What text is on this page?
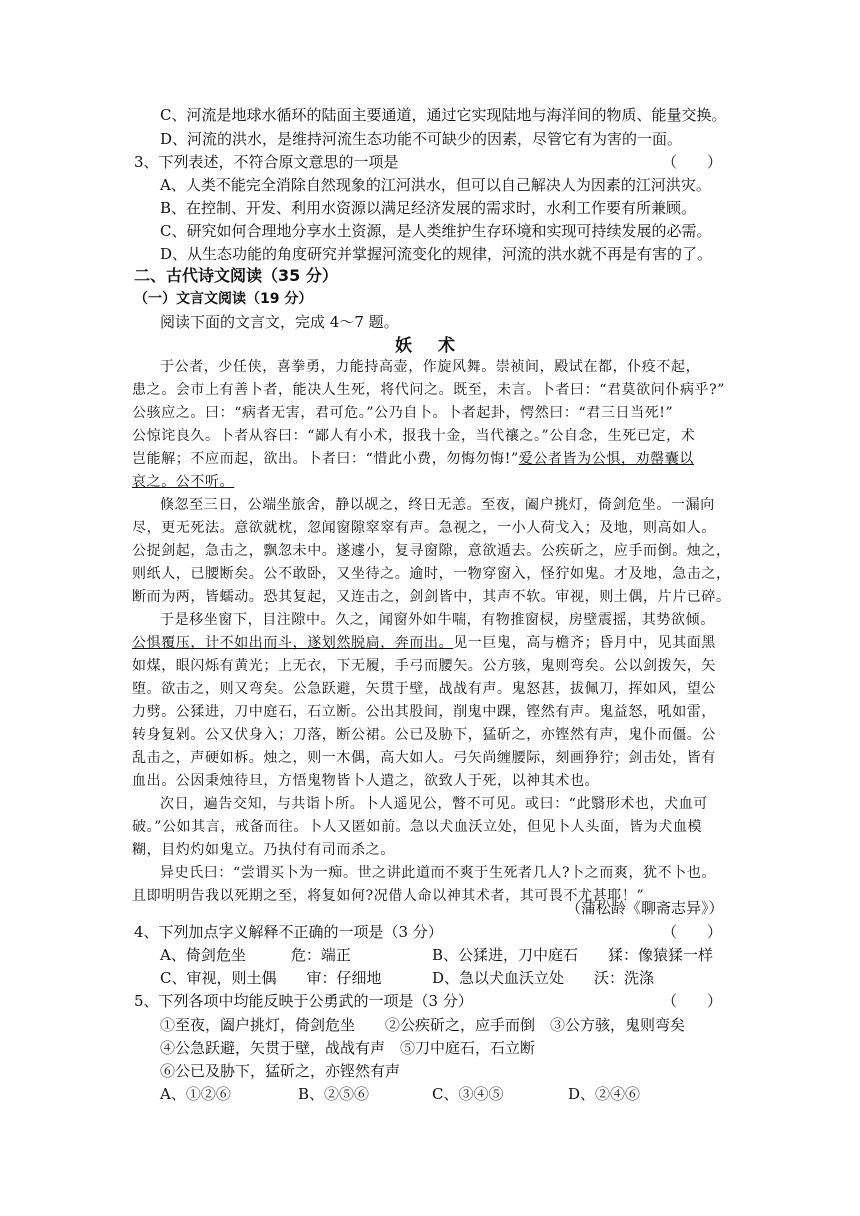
C、河流是地球水循环的陆面主要通道，通过它实现陆地与海洋间的物质、能量交换。
D、河流的洪水，是维持河流生态功能不可缺少的因素，尽管它有为害的一面。
3、下列表述，不符合原文意思的一项是	（　　）
A、人类不能完全消除自然现象的江河洪水，但可以自己解决人为因素的江河洪灾。
B、在控制、开发、利用水资源以满足经济发展的需求时，水利工作要有所兼顾。
C、研究如何合理地分享水土资源，是人类维护生存环境和实现可持续发展的必需。
D、从生态功能的角度研究并掌握河流变化的规律，河流的洪水就不再是有害的了。
二、古代诗文阅读（35 分）
（一）文言文阅读（19 分）
阅读下面的文言文，完成 4～7 题。
妖 术
于公者，少任侠，喜拳勇，力能持高壶，作旋风舞。崇祯间，殿试在都，仆疫不起，
患之。会市上有善卜者，能决人生死，将代问之。既至，未言。卜者曰：“君莫欲问仆病乎?”
公骇应之。曰：“病者无害，君可危。”公乃自卜。卜者起卦，愕然曰：“君三日当死!”
公惊诧良久。卜者从容曰：“鄙人有小术，报我十金，当代禳之。”公自念，生死已定，术
岂能解；不应而起，欲出。卜者曰：“惜此小费，勿悔勿悔!”爱公者皆为公惧，劝罄囊以
哀之。公不听。
倏忽至三日，公端坐旅舍，静以觇之，终日无恙。至夜，阖户挑灯，倚剑危坐。一漏向
尽，更无死法。意欲就枕，忽闻窗隙窣窣有声。急视之，一小人荷戈入；及地，则高如人。
公捉剑起，急击之，飘忽未中。遂遽小，复寻窗隙，意欲遁去。公疾斫之，应手而倒。烛之，
则纸人，已腰断矣。公不敢卧，又坐待之。逾时，一物穿窗入，怪狞如鬼。才及地，急击之，
断而为两，皆蠕动。恐其复起，又连击之，剑剑皆中，其声不软。审视，则土偶，片片已碎。
于是移坐窗下，目注隙中。久之，闻窗外如牛喘，有物推窗棂，房壁震摇，其势欲倾。
公惧覆压，计不如出而斗，遂划然脱扃，奔而出。见一巨鬼，高与檐齐；昏月中，见其面黑
如煤，眼闪烁有黄光；上无衣，下无履，手弓而腰矢。公方骇，鬼则弯矣。公以剑拨矢，矢
堕。欲击之，则又弯矣。公急跃避，矢贯于壁，战战有声。鬼怒甚，拔佩刀，挥如风，望公
力劈。公猱进，刀中庭石，石立断。公出其股间，削鬼中踝，铿然有声。鬼益怒，吼如雷，
转身复剁。公又伏身入；刀落，断公裙。公已及胁下，猛斫之，亦铿然有声，鬼仆而僵。公
乱击之，声硬如柝。烛之，则一木偶，高大如人。弓矢尚缠腰际，刻画狰狞；剑击处，皆有
血出。公因秉烛待旦，方悟鬼物皆卜人遣之，欲致人于死，以神其术也。
次日，遍告交知，与共诣卜所。卜人遥见公，瞥不可见。或曰：“此翳形术也，犬血可
破。”公如其言，戒备而往。卜人又匿如前。急以犬血沃立处，但见卜人头面，皆为犬血模
糊，目灼灼如鬼立。乃执付有司而杀之。
异史氏曰：“尝谓买卜为一痴。世之讲此道而不爽于生死者几人?卜之而爽，犹不卜也。
且即明明告我以死期之至，将复如何?况借人命以神其术者，其可畏不尤甚耶！”
（蒲松龄《聊斋志异》）
4、下列加点字义解释不正确的一项是（3 分）	（　　）
A、倚剑危坐　　　危：端正	B、公猱进，刀中庭石　　猱：像猿猱一样
C、审视，则土偶　　审：仔细地	D、急以犬血沃立处　　沃：洗涤
5、下列各项中均能反映于公勇武的一项是（3 分）	（　　）
①至夜，阖户挑灯，倚剑危坐　　②公疾斫之，应手而倒　③公方骇，鬼则弯矣
④公急跃避，矢贯于壁，战战有声　⑤刀中庭石，石立断
⑥公已及胁下，猛斫之，亦铿然有声
A、①②⑥	B、②⑤⑥	C、③④⑤	D、②④⑥
